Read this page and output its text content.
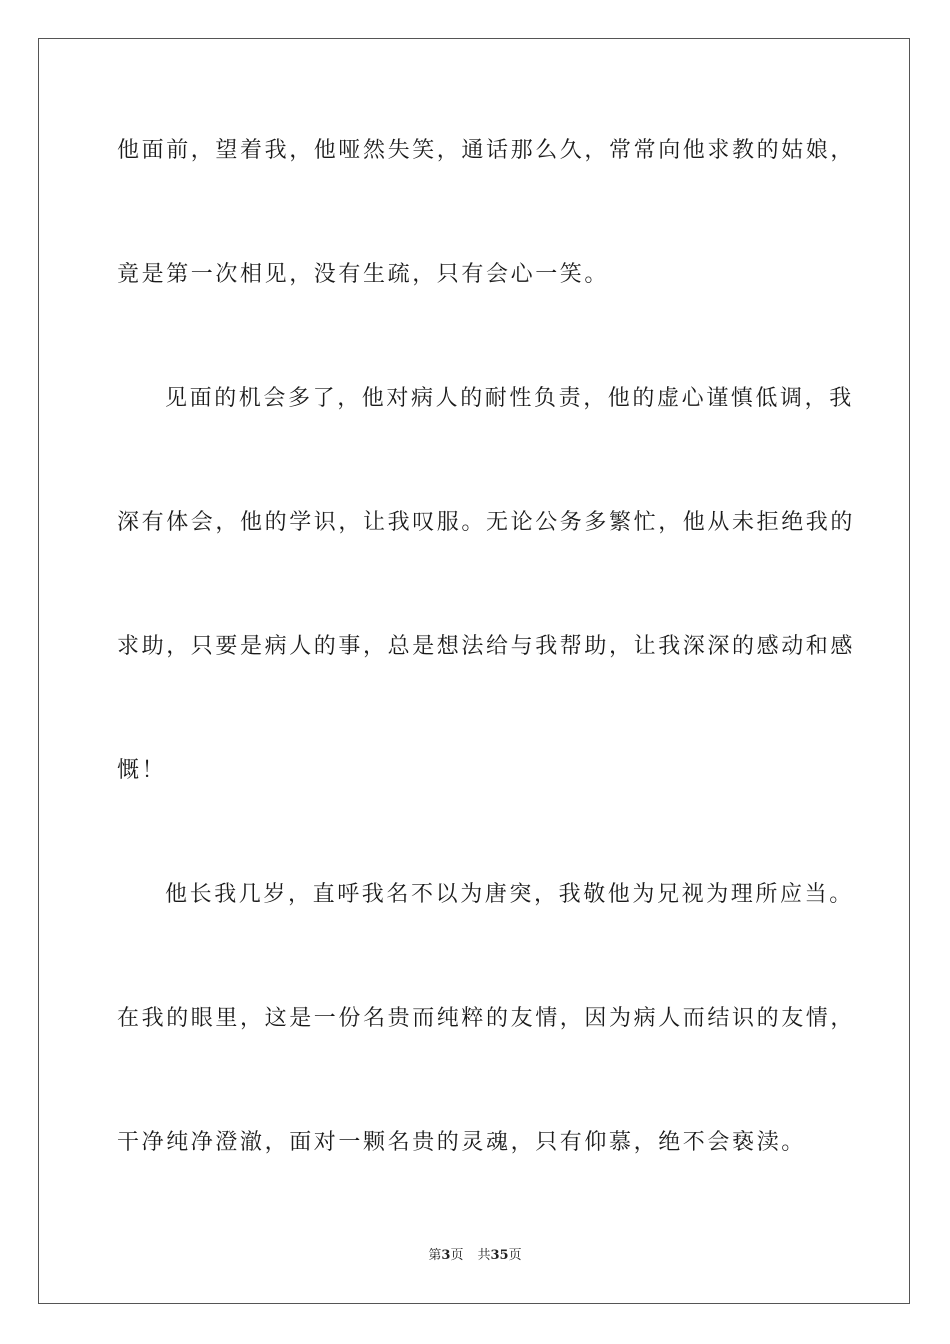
他面前，望着我，他哑然失笑，通话那么久，常常向他求教的姑娘，
竟是第一次相见，没有生疏，只有会心一笑。
见面的机会多了，他对病人的耐性负责，他的虚心谨慎低调，我
深有体会，他的学识，让我叹服。无论公务多繁忙，他从未拒绝我的
求助，只要是病人的事，总是想法给与我帮助，让我深深的感动和感
慨！
他长我几岁，直呼我名不以为唐突，我敬他为兄视为理所应当。
在我的眼里，这是一份名贵而纯粹的友情，因为病人而结识的友情，
干净纯净澄澈，面对一颗名贵的灵魂，只有仰慕，绝不会亵渎。
第3页 共35页
